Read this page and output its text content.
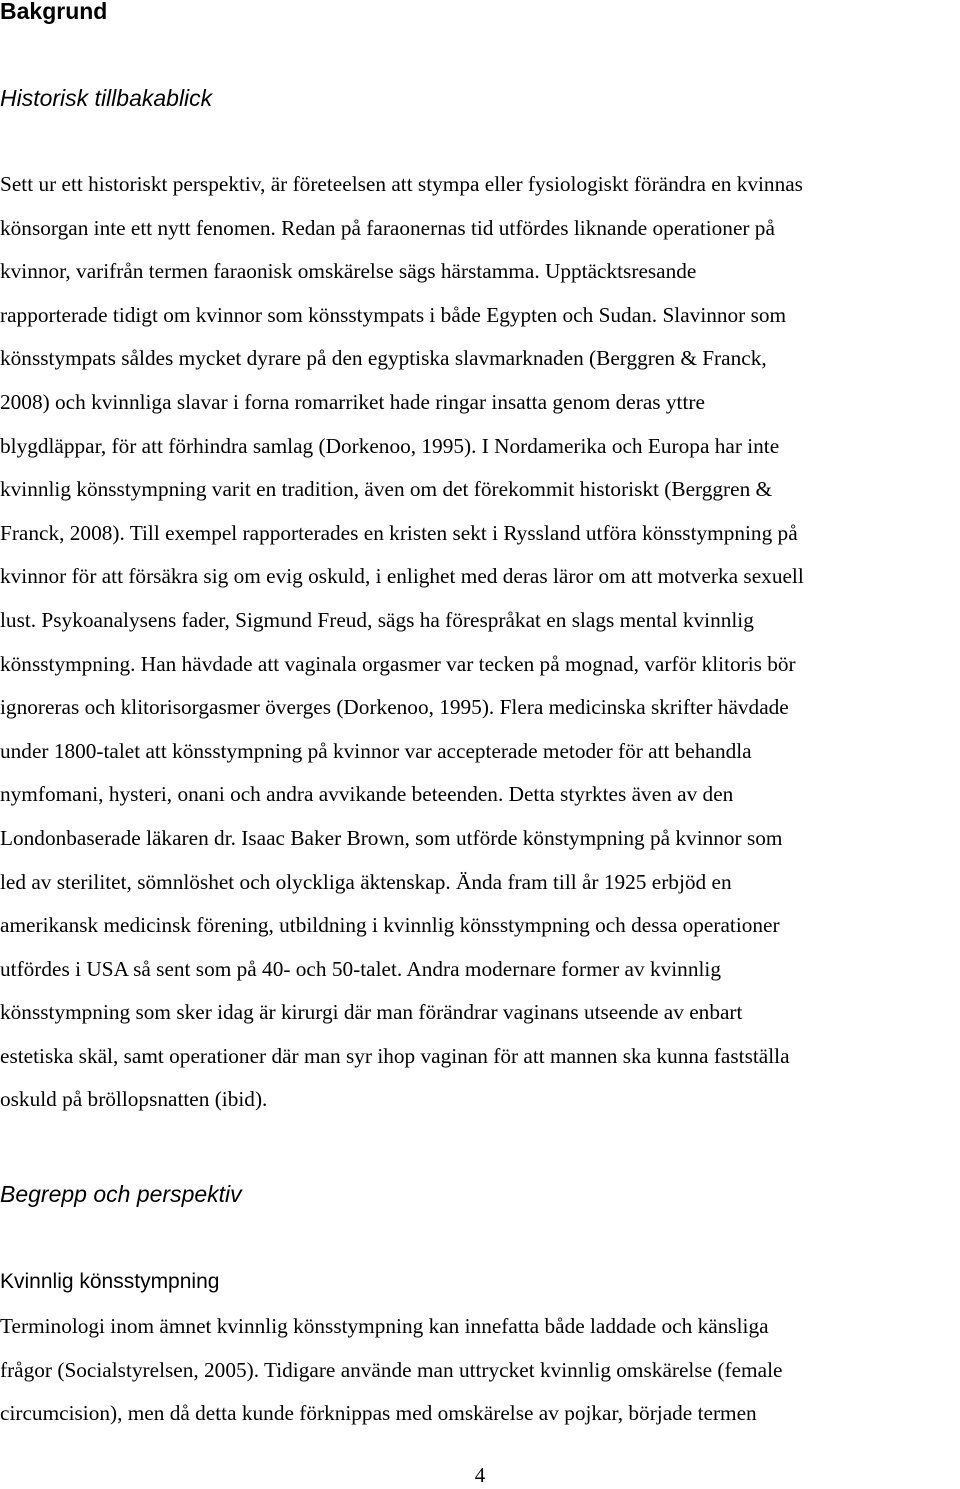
Bakgrund
Historisk tillbakablick

Sett ur ett historiskt perspektiv, är företeelsen att stympa eller fysiologiskt förändra en kvinnas
könsorgan inte ett nytt fenomen. Redan på faraonernas tid utfördes liknande operationer på
kvinnor, varifrån termen faraonisk omskärelse sägs härstamma. Upptäcktsresande
rapporterade tidigt om kvinnor som könsstympats i både Egypten och Sudan. Slavinnor som
könsstympats såldes mycket dyrare på den egyptiska slavmarknaden (Berggren & Franck,
2008) och kvinnliga slavar i forna romarriket hade ringar insatta genom deras yttre
blygdläppar, för att förhindra samlag (Dorkenoo, 1995). I Nordamerika och Europa har inte
kvinnlig könsstympning varit en tradition, även om det förekommit historiskt (Berggren &
Franck, 2008). Till exempel rapporterades en kristen sekt i Ryssland utföra könsstympning på
kvinnor för att försäkra sig om evig oskuld, i enlighet med deras läror om att motverka sexuell
lust. Psykoanalysens fader, Sigmund Freud, sägs ha förespråkat en slags mental kvinnlig
könsstympning. Han hävdade att vaginala orgasmer var tecken på mognad, varför klitoris bör
ignoreras och klitorisorgasmer överges (Dorkenoo, 1995). Flera medicinska skrifter hävdade
under 1800-talet att könsstympning på kvinnor var accepterade metoder för att behandla
nymfomani, hysteri, onani och andra avvikande beteenden. Detta styrktes även av den
Londonbaserade läkaren dr. Isaac Baker Brown, som utförde könstympning på kvinnor som
led av sterilitet, sömnlöshet och olyckliga äktenskap. Ända fram till år 1925 erbjöd en
amerikansk medicinsk förening, utbildning i kvinnlig könsstympning och dessa operationer
utfördes i USA så sent som på 40- och 50-talet. Andra modernare former av kvinnlig
könsstympning som sker idag är kirurgi där man förändrar vaginans utseende av enbart
estetiska skäl, samt operationer där man syr ihop vaginan för att mannen ska kunna fastställa
oskuld på bröllopsnatten (ibid).

Begrepp och perspektiv
Kvinnlig könsstympning

Terminologi inom ämnet kvinnlig könsstympning kan innefatta både laddade och känsliga
frågor (Socialstyrelsen, 2005). Tidigare använde man uttrycket kvinnlig omskärelse (female
circumcision), men då detta kunde förknippas med omskärelse av pojkar, började termen

4
